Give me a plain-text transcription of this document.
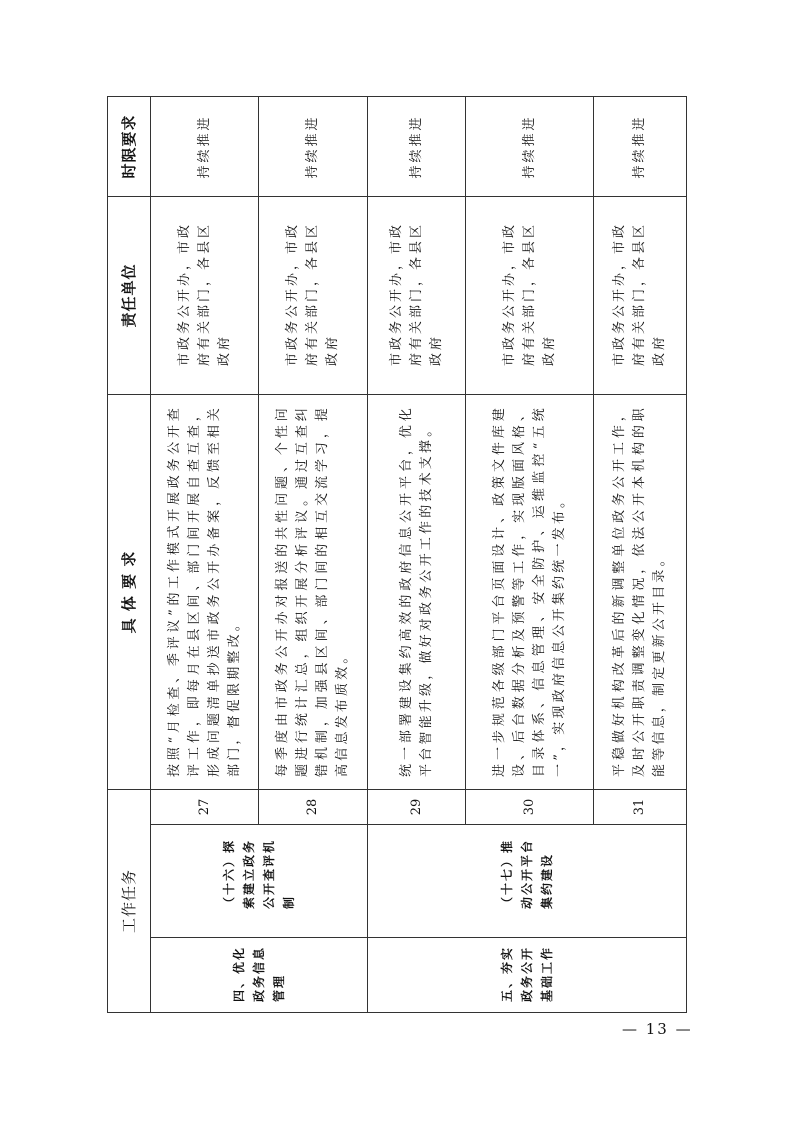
工作任务			具 体 要 求	责任单位	时限要求
四、优化政务信息管理	（十六）探索建立政务公开查评机制	27	按照“月检查、季评议”的工作模式开展政务公开查评工作，即每月在县区间、部门间开展自查互查，形成问题清单抄送市政务公开办备案，反馈至相关部门，督促限期整改。	市政务公开办，市政府有关部门，各县区政府	持续推进
		28	每季度由市政务公开办对报送的共性问题、个性问题进行统计汇总，组织开展分析评议。通过互查纠错机制，加强县区间、部门间的相互交流学习，提高信息发布质效。	市政务公开办，市政府有关部门，各县区政府	持续推进
五、夯实政务公开基础工作	（十七）推动公开平台集约建设	29	统一部署建设集约高效的政府信息公开平台，优化平台智能升级，做好对政务公开工作的技术支撑。	市政务公开办，市政府有关部门，各县区政府	持续推进
		30	进一步规范各级部门平台页面设计、政策文件库建设、后台数据分析及预警等工作，实现版面风格、目录体系、信息管理、安全防护、运维监控“五统一”，实现政府信息公开集约统一发布。	市政务公开办，市政府有关部门，各县区政府	持续推进
		31	平稳做好机构改革后的新调整单位政务公开工作，及时公开职责调整变化情况，依法公开本机构的职能等信息，制定更新公开目录。	市政务公开办，市政府有关部门，各县区政府	持续推进
— 13 —
